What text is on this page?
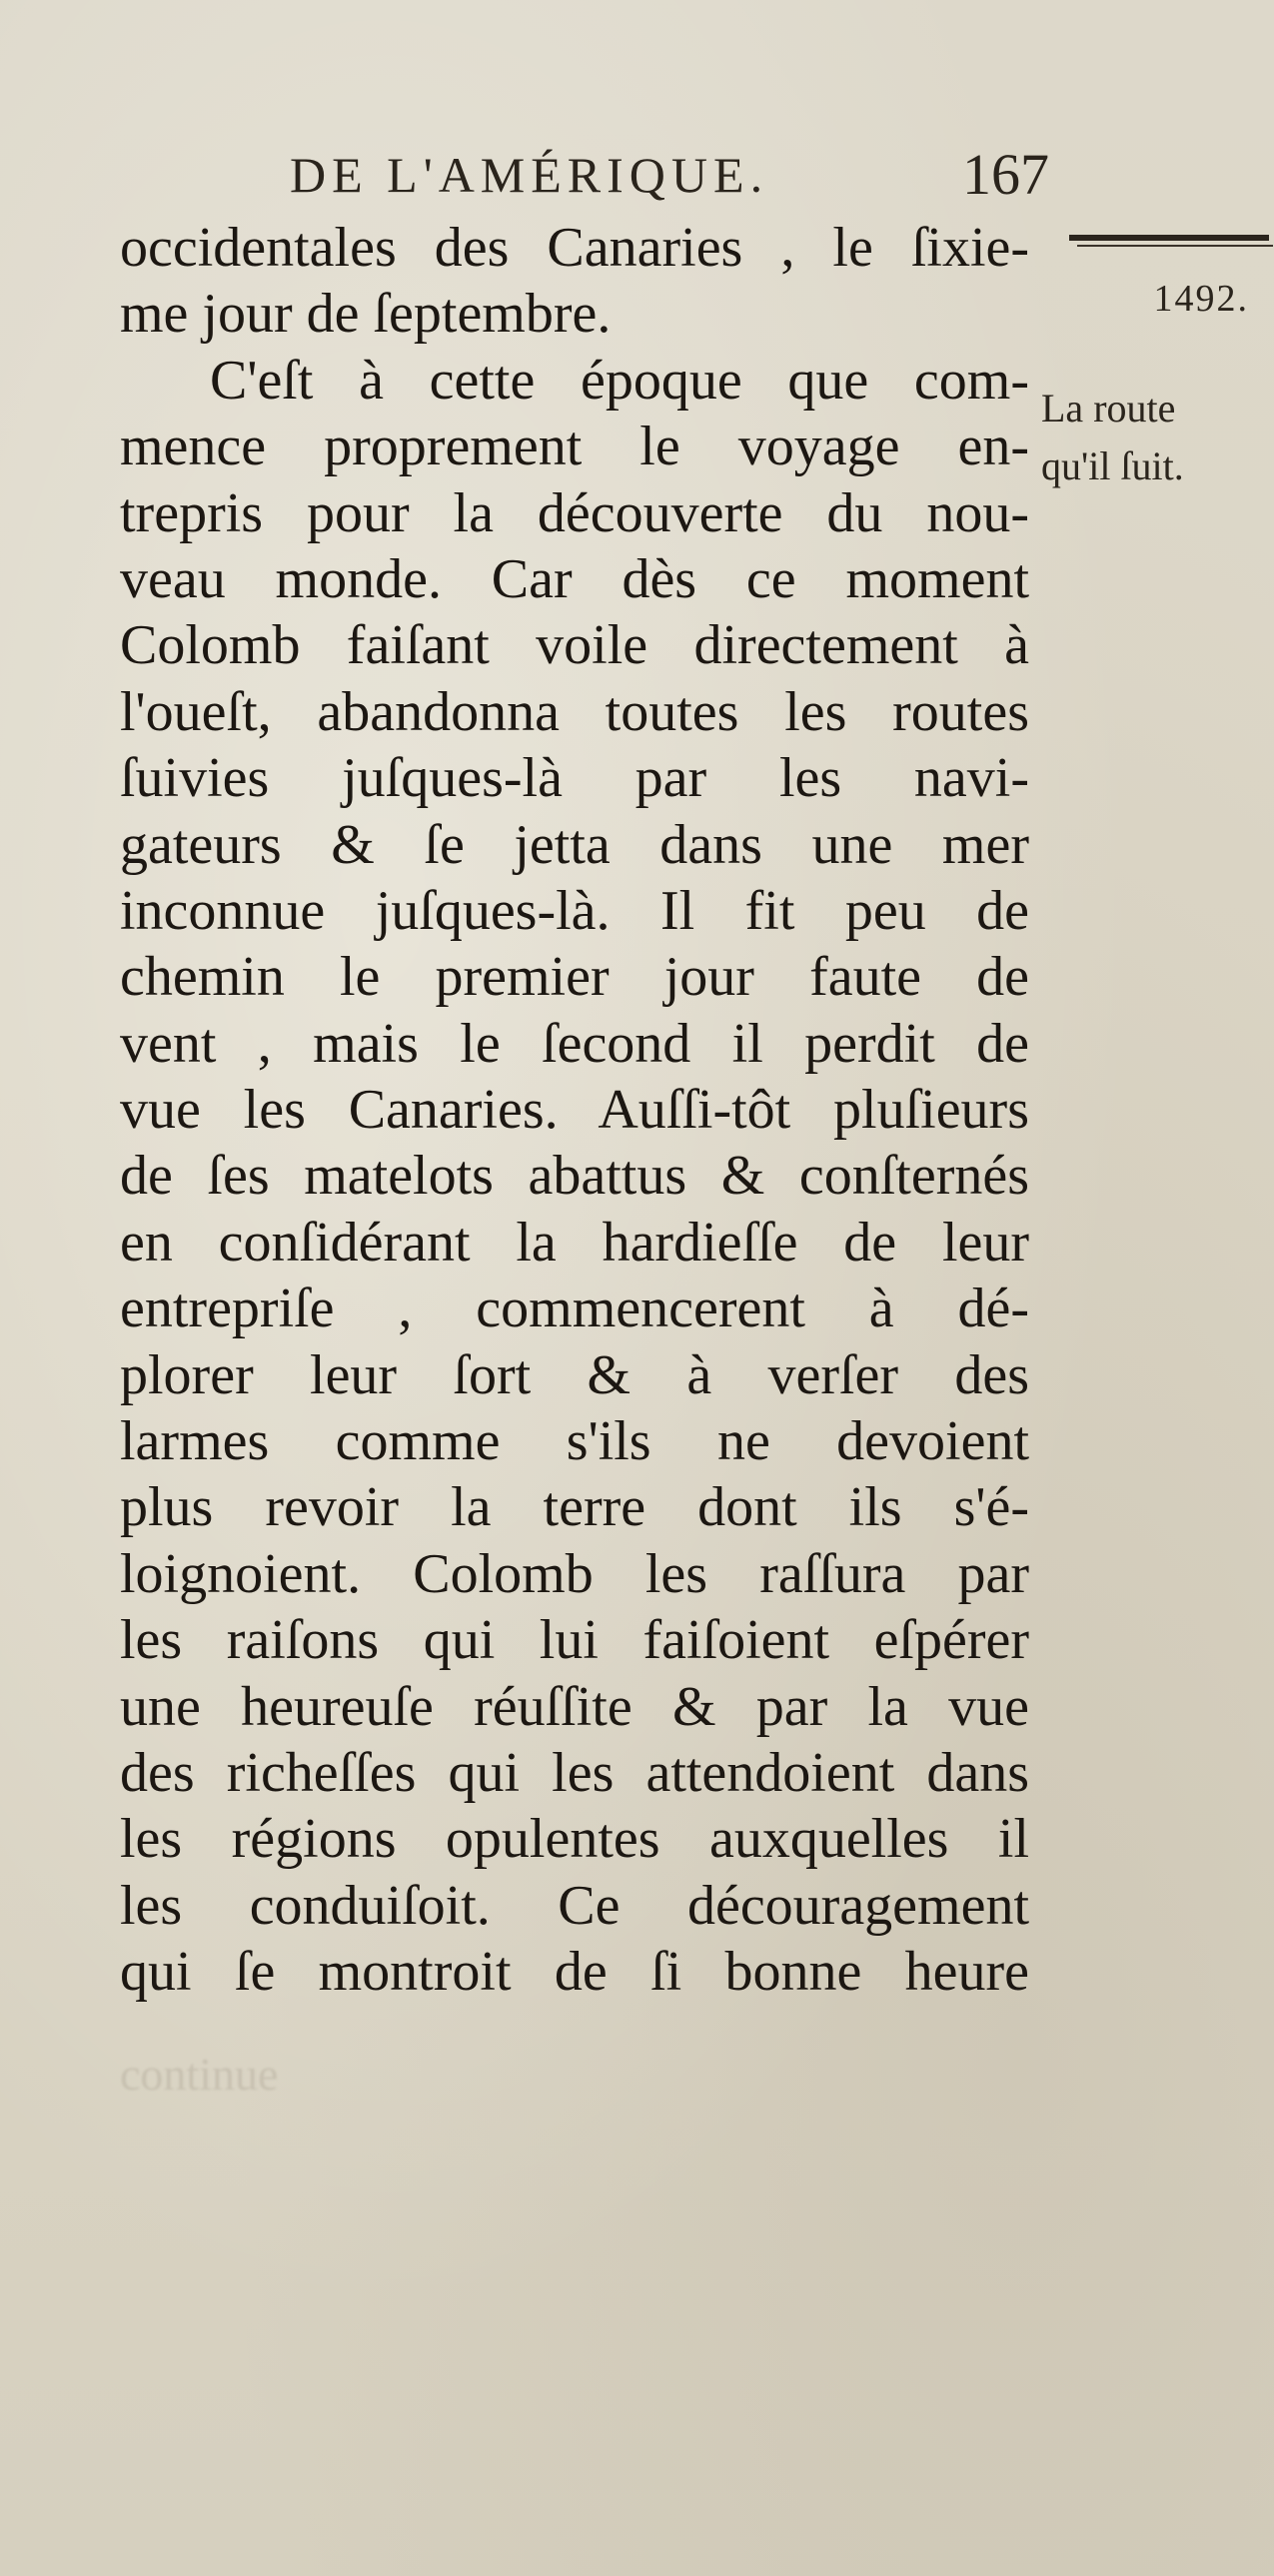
DE L'AMÉRIQUE.	167
occidentales des Canaries , le ſixie-
me jour de ſeptembre.
C'eſt à cette époque que com-
mence proprement le voyage en-
trepris pour la découverte du nou-
veau monde. Car dès ce moment
Colomb faiſant voile directement à
l'oueſt, abandonna toutes les routes
ſuivies juſques-là par les navi-
gateurs & ſe jetta dans une mer
inconnue juſques-là. Il fit peu de
chemin le premier jour faute de
vent , mais le ſecond il perdit de
vue les Canaries. Auſſi-tôt pluſieurs
de ſes matelots abattus & conſternés
en conſidérant la hardieſſe de leur
entrepriſe , commencerent à dé-
plorer leur ſort & à verſer des
larmes comme s'ils ne devoient
plus revoir la terre dont ils s'é-
loignoient. Colomb les raſſura par
les raiſons qui lui faiſoient eſpérer
une heureuſe réuſſite & par la vue
des richeſſes qui les attendoient dans
les régions opulentes auxquelles il
les conduiſoit. Ce découragement
qui ſe montroit de ſi bonne heure
1492.
La route
qu'il ſuit.
continue
